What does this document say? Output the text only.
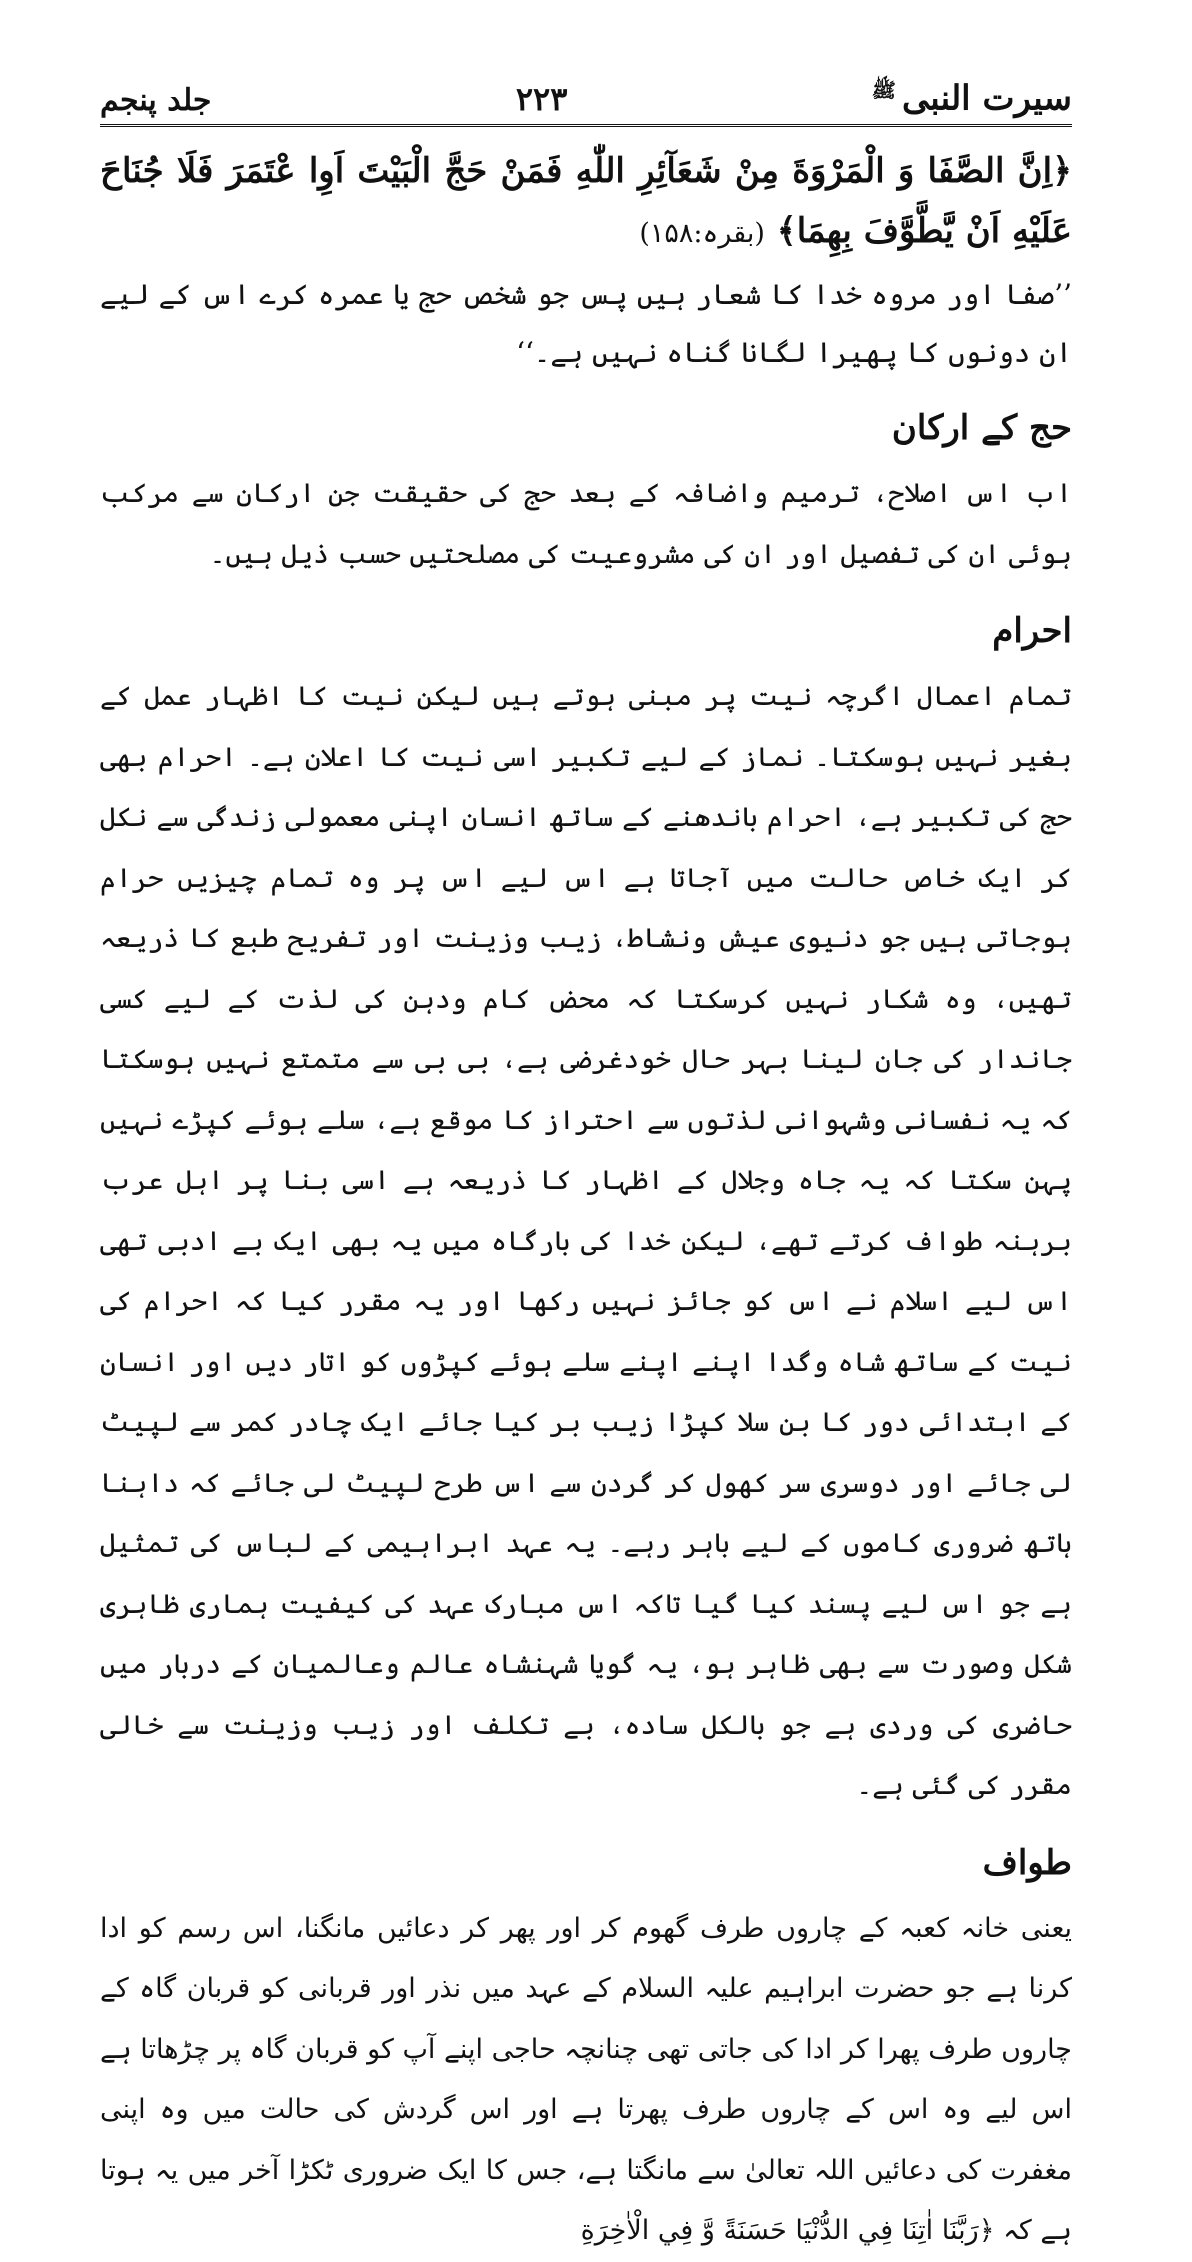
سیرت النبی$^ﷺ$
۲۲۳
جلد پنجم
﴿اِنَّ الصَّفَا وَ الْمَرْوَةَ مِنْ شَعَآئِرِ اللّٰهِ فَمَنْ حَجَّ الْبَيْتَ اَوِا عْتَمَرَ فَلَا جُنَاحَ عَلَيْهِ اَنْ يَّطَّوَّفَ بِهِمَا﴾ (بقرہ:۱۵۸)
’’صفا اور مروہ خدا کا شعار ہیں پس جو شخص حج یا عمرہ کرے اس کے لیے ان دونوں کا پھیرا لگانا گناہ نہیں ہے۔‘‘
حج کے ارکان

اب اس اصلاح، ترمیم واضافہ کے بعد حج کی حقیقت جن ارکان سے مرکب ہوئی ان کی تفصیل اور ان کی مشروعیت کی مصلحتیں حسب ذیل ہیں۔

احرام

تمام اعمال اگرچہ نیت پر مبنی ہوتے ہیں لیکن نیت کا اظہار عمل کے بغیر نہیں ہوسکتا۔ نماز کے لیے تکبیر اسی نیت کا اعلان ہے۔ احرام بھی حج کی تکبیر ہے، احرام باندھنے کے ساتھ انسان اپنی معمولی زندگی سے نکل کر ایک خاص حالت میں آجاتا ہے اس لیے اس پر وہ تمام چیزیں حرام ہوجاتی ہیں جو دنیوی عیش ونشاط، زیب وزینت اور تفریح طبع کا ذریعہ تھیں، وہ شکار نہیں کرسکتا کہ محض کام ودہن کی لذت کے لیے کسی جاندار کی جان لینا بہر حال خودغرضی ہے، بی بی سے متمتع نہیں ہوسکتا کہ یہ نفسانی وشہوانی لذتوں سے احتراز کا موقع ہے، سلے ہوئے کپڑے نہیں پہن سکتا کہ یہ جاہ وجلال کے اظہار کا ذریعہ ہے اسی بنا پر اہل عرب برہنہ طواف کرتے تھے، لیکن خدا کی بارگاہ میں یہ بھی ایک بے ادبی تھی اس لیے اسلام نے اس کو جائز نہیں رکھا اور یہ مقرر کیا کہ احرام کی نیت کے ساتھ شاہ وگدا اپنے اپنے سلے ہوئے کپڑوں کو اتار دیں اور انسان کے ابتدائی دور کا بن سلا کپڑا زیب بر کیا جائے ایک چادر کمر سے لپیٹ لی جائے اور دوسری سر کھول کر گردن سے اس طرح لپیٹ لی جائے کہ داہنا ہاتھ ضروری کاموں کے لیے باہر رہے۔ یہ عہد ابراہیمی کے لباس کی تمثیل ہے جو اس لیے پسند کیا گیا تاکہ اس مبارک عہد کی کیفیت ہماری ظاہری شکل وصورت سے بھی ظاہر ہو، یہ گویا شہنشاہ عالم وعالمیان کے دربار میں حاضری کی وردی ہے جو بالکل سادہ، بے تکلف اور زیب وزینت سے خالی مقرر کی گئی ہے۔

طواف

یعنی خانہ کعبہ کے چاروں طرف گھوم کر اور پھر کر دعائیں مانگنا، اس رسم کو ادا کرنا ہے جو حضرت ابراہیم علیہ السلام کے عہد میں نذر اور قربانی کو قربان گاہ کے چاروں طرف پھرا کر ادا کی جاتی تھی چنانچہ حاجی اپنے آپ کو قربان گاہ پر چڑھاتا ہے اس لیے وہ اس کے چاروں طرف پھرتا ہے اور اس گردش کی حالت میں وہ اپنی مغفرت کی دعائیں اللہ تعالیٰ سے مانگتا ہے، جس کا ایک ضروری ٹکڑا آخر میں یہ ہوتا ہے کہ ﴿رَبَّنَا اٰتِنَا فِي الدُّنْيَا حَسَنَةً وَّ فِي الْاٰخِرَةِ
